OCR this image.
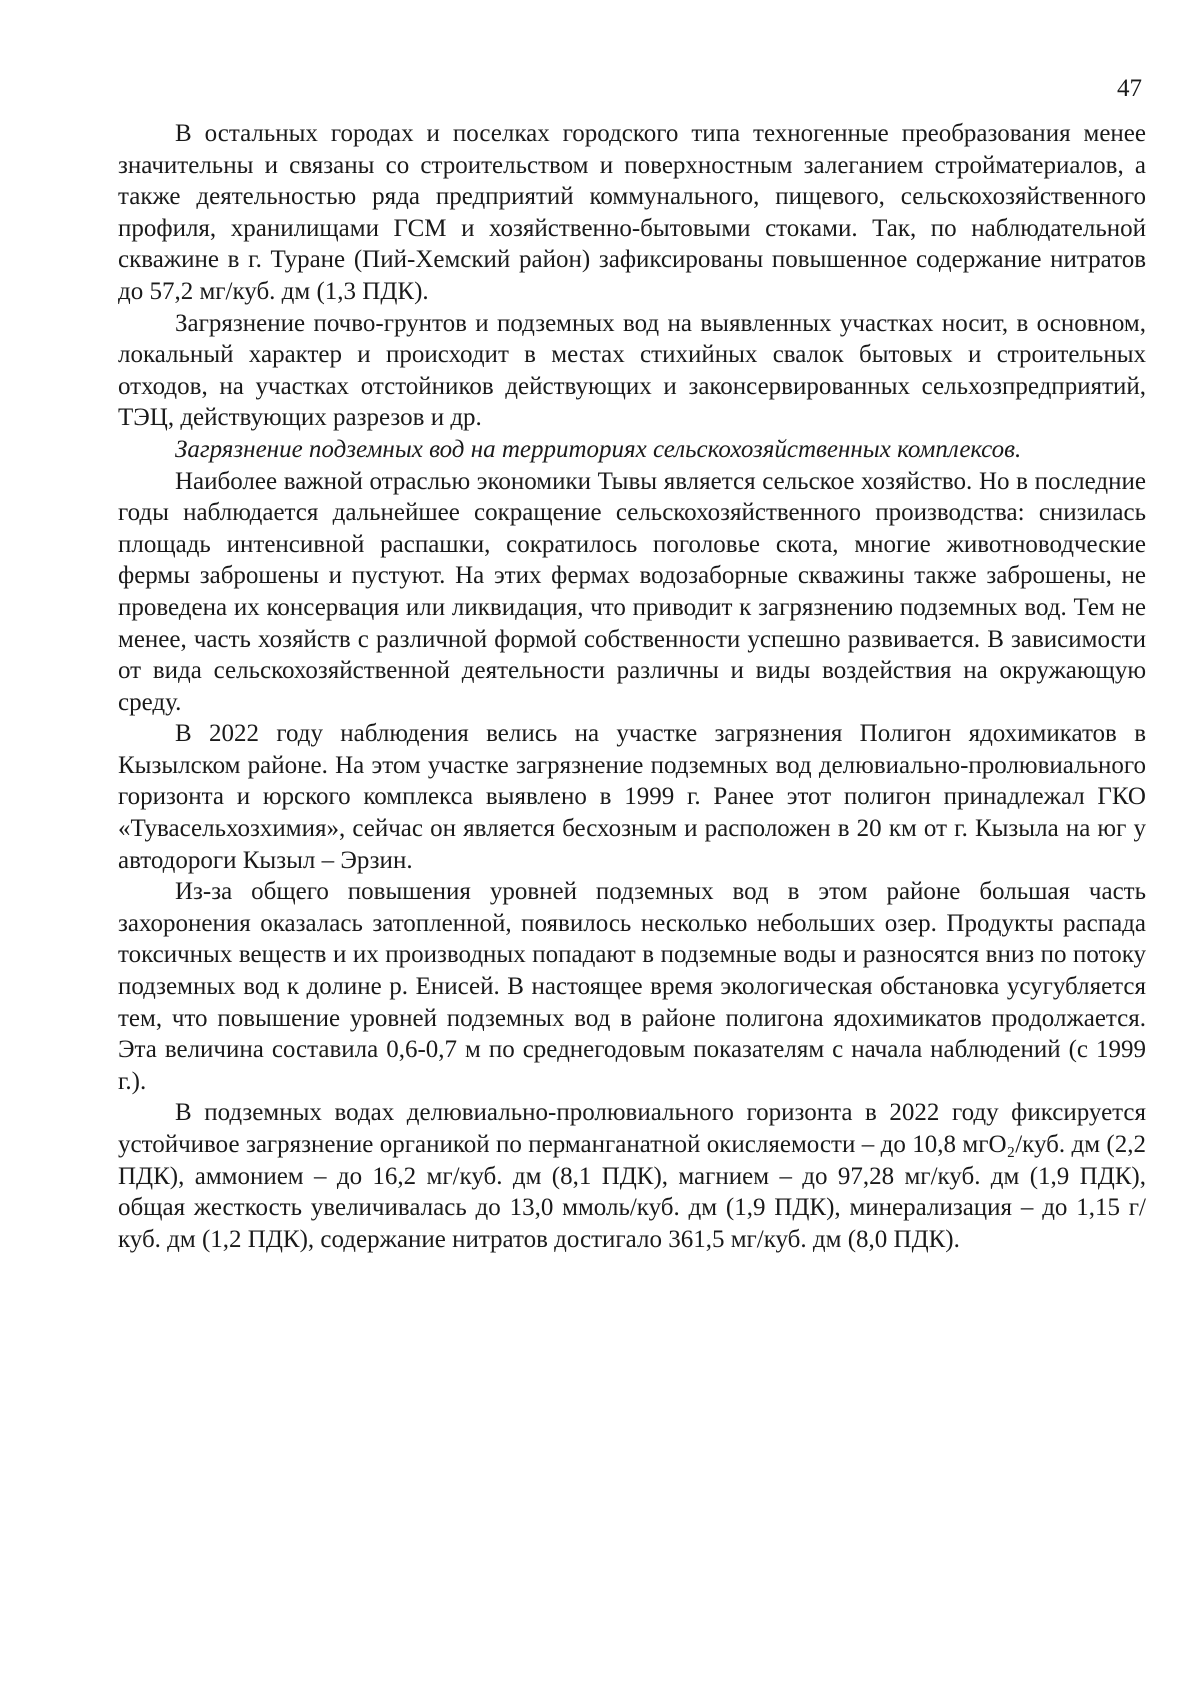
47

В остальных городах и поселках городского типа техногенные преобразования менее значительны и связаны со строительством и поверхностным залеганием стройматериалов, а также деятельностью ряда предприятий коммунального, пищевого, сельскохозяйственного профиля, хранилищами ГСМ и хозяйственно-бытовыми стоками. Так, по наблюдательной скважине в г. Туране (Пий-Хемский район) зафиксированы повышенное содержание нитратов до 57,2 мг/куб. дм (1,3 ПДК).

Загрязнение почво-грунтов и подземных вод на выявленных участках носит, в основном, локальный характер и происходит в местах стихийных свалок бытовых и строительных отходов, на участках отстойников действующих и законсервированных сельхозпредприятий, ТЭЦ, действующих разрезов и др.

Загрязнение подземных вод на территориях сельскохозяйственных комплексов.

Наиболее важной отраслью экономики Тывы является сельское хозяйство. Но в последние годы наблюдается дальнейшее сокращение сельскохозяйственного производства: снизилась площадь интенсивной распашки, сократилось поголовье скота, многие животноводческие фермы заброшены и пустуют. На этих фермах водозаборные скважины также заброшены, не проведена их консервация или ликвидация, что приводит к загрязнению подземных вод. Тем не менее, часть хозяйств с различной формой собственности успешно развивается. В зависимости от вида сельскохозяйственной деятельности различны и виды воздействия на окружающую среду.

В 2022 году наблюдения велись на участке загрязнения Полигон ядохимикатов в Кызылском районе. На этом участке загрязнение подземных вод делювиально-пролювиального горизонта и юрского комплекса выявлено в 1999 г. Ранее этот полигон принадлежал ГКО «Тувасельхозхимия», сейчас он является бесхозным и расположен в 20 км от г. Кызыла на юг у автодороги Кызыл – Эрзин.

Из-за общего повышения уровней подземных вод в этом районе большая часть захоронения оказалась затопленной, появилось несколько небольших озер. Продукты распада токсичных веществ и их производных попадают в подземные воды и разносятся вниз по потоку подземных вод к долине р. Енисей. В настоящее время экологическая обстановка усугубляется тем, что повышение уровней подземных вод в районе полигона ядохимикатов продолжается. Эта величина составила 0,6-0,7 м по среднегодовым показателям с начала наблюдений (с 1999 г.).

В подземных водах делювиально-пролювиального горизонта в 2022 году фиксируется устойчивое загрязнение органикой по перманганатной окисляемости – до 10,8 мгО₂/куб. дм (2,2 ПДК), аммонием – до 16,2 мг/куб. дм (8,1 ПДК), магнием – до 97,28 мг/куб. дм (1,9 ПДК), общая жесткость увеличивалась до 13,0 ммоль/куб. дм (1,9 ПДК), минерализация – до 1,15 г/куб. дм (1,2 ПДК), содержание нитратов достигало 361,5 мг/куб. дм (8,0 ПДК).
